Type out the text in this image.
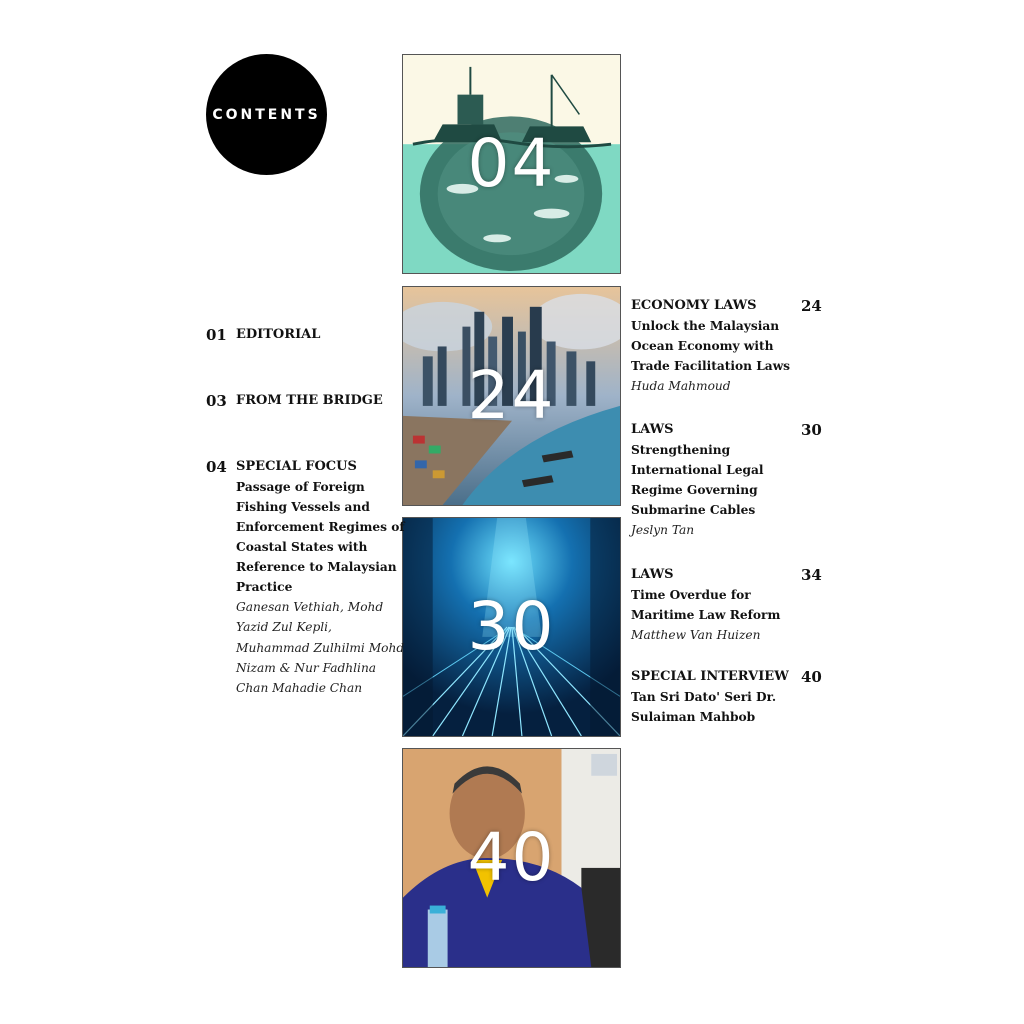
CONTENTS
04
24
30
40
01 EDITORIAL
03 FROM THE BRIDGE
04 SPECIAL FOCUS
Passage of Foreign
Fishing Vessels and
Enforcement Regimes of
Coastal States with
Reference to Malaysian
Practice
Ganesan Vethiah, Mohd
Yazid Zul Kepli,
Muhammad Zulhilmi Mohd
Nizam & Nur Fadhlina
Chan Mahadie Chan
24
ECONOMY LAWS
Unlock the Malaysian
Ocean Economy with
Trade Facilitation Laws
Huda Mahmoud
30
LAWS
Strengthening
International Legal
Regime Governing
Submarine Cables
Jeslyn Tan
34
LAWS
Time Overdue for
Maritime Law Reform
Matthew Van Huizen
40
SPECIAL INTERVIEW
Tan Sri Dato' Seri Dr.
Sulaiman Mahbob
